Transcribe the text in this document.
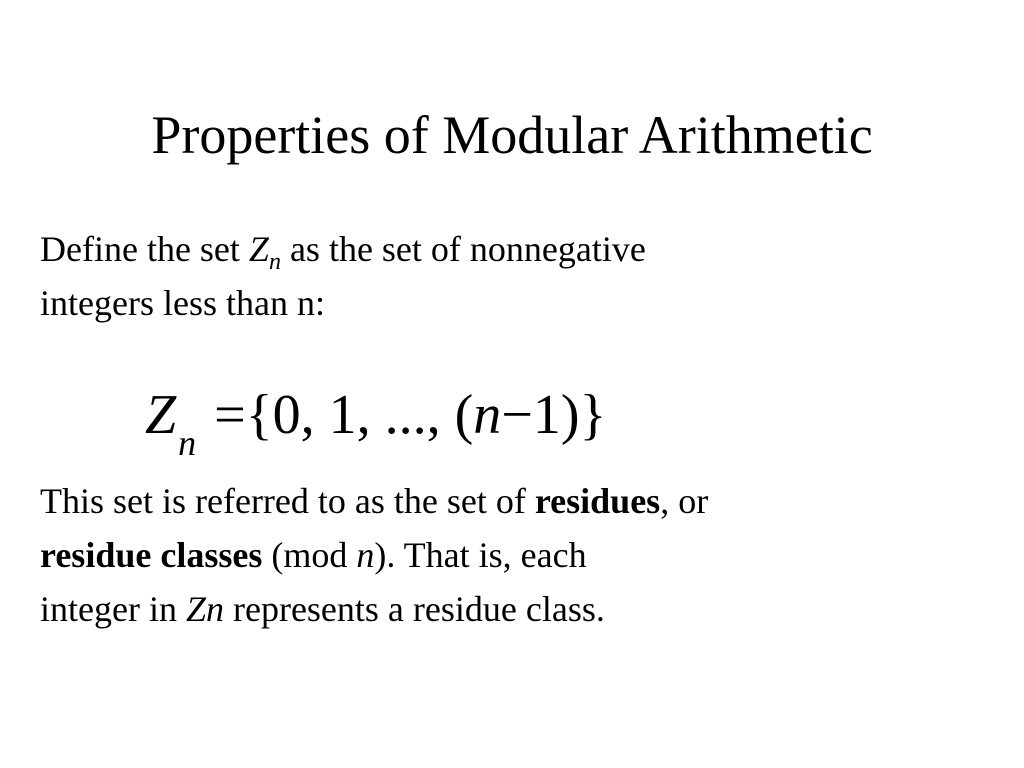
Properties of Modular Arithmetic
Define the set $Z_n$ as the set of nonnegative
integers less than n:
Zn ={0, 1, ..., (n−1)}
This set is referred to as the set of residues, or
residue classes (mod n). That is, each
integer in Zn represents a residue class.
